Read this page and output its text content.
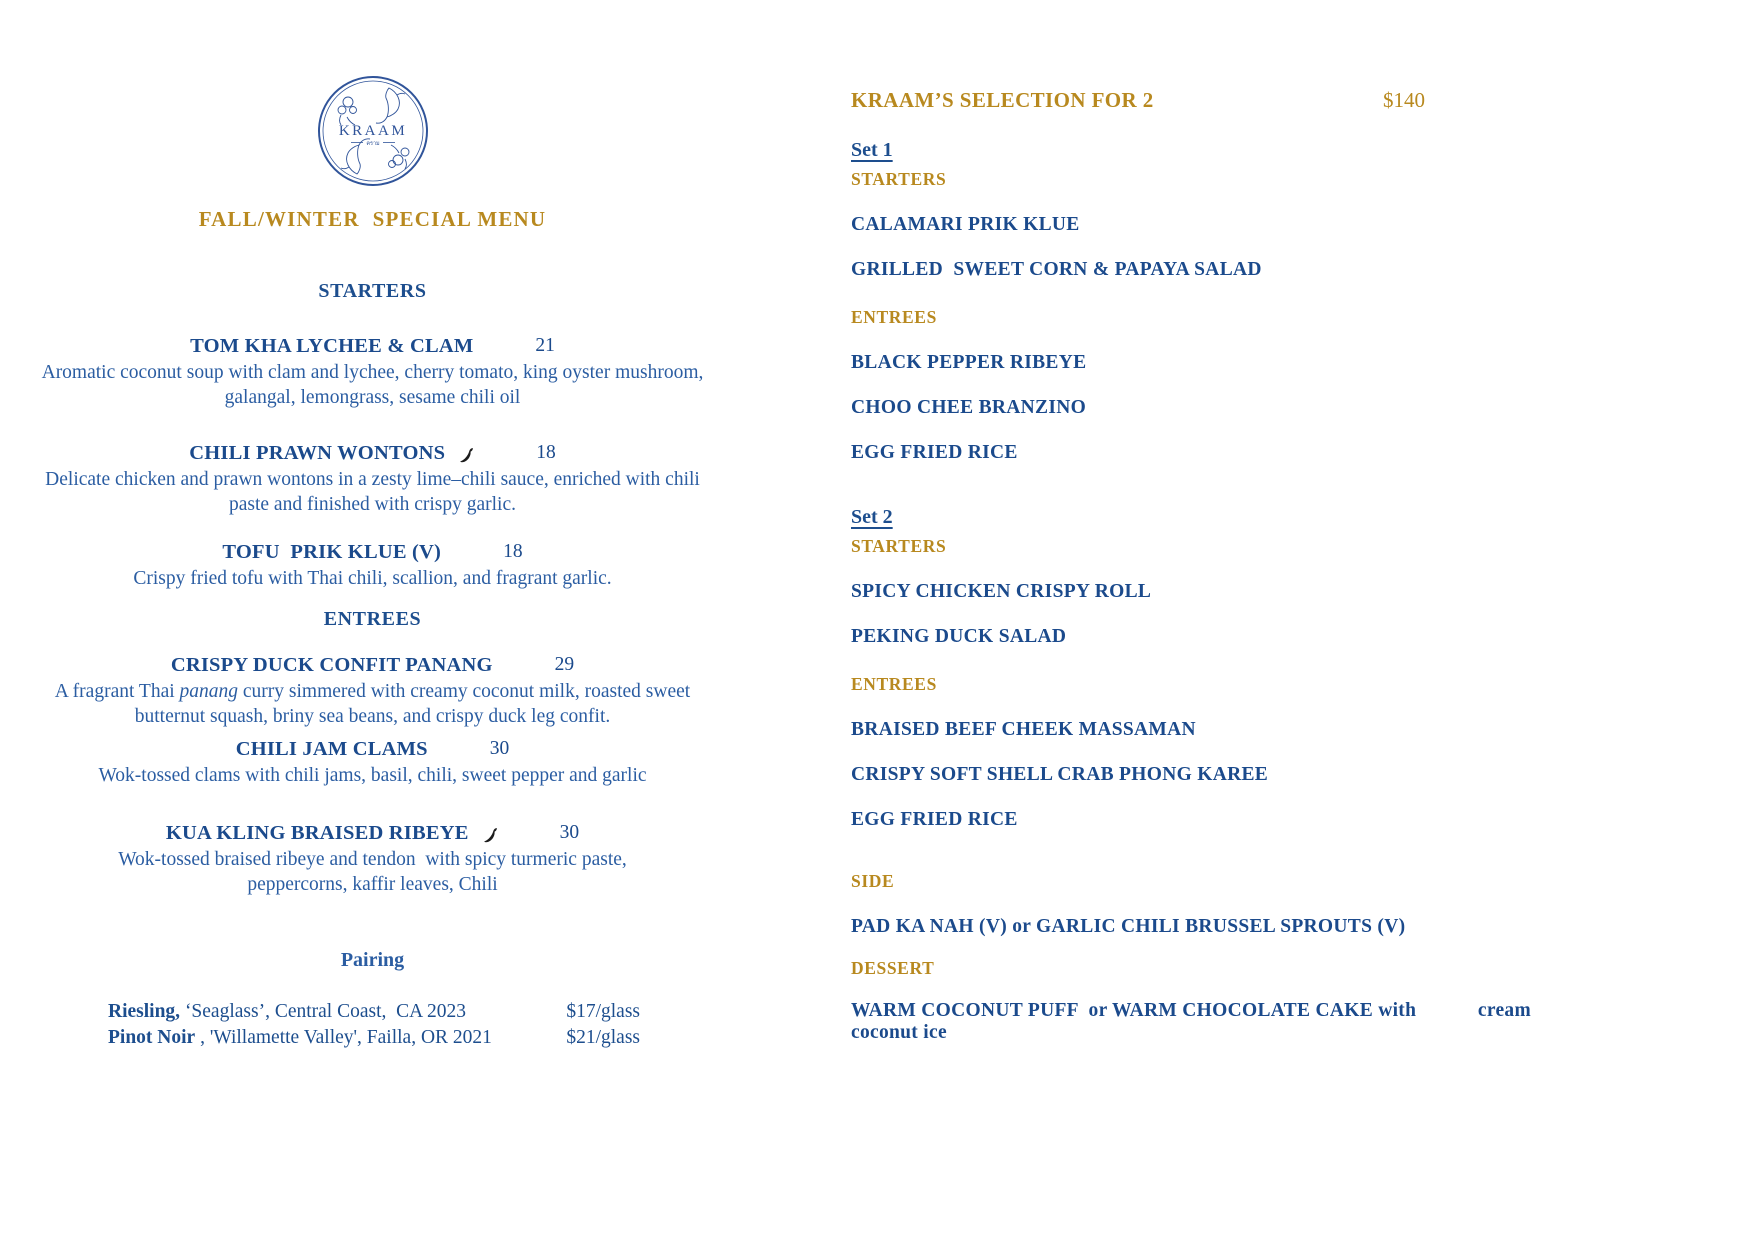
KRAAM
คราม
FALL/WINTER  SPECIAL MENU
STARTERS
TOM KHA LYCHEE & CLAM	21
Aromatic coconut soup with clam and lychee, cherry tomato, king oyster mushroom, galangal, lemongrass, sesame chili oil
CHILI PRAWN WONTONS	18
Delicate chicken and prawn wontons in a zesty lime–chili sauce, enriched with chili paste and finished with crispy garlic.
TOFU  PRIK KLUE (V)	18
Crispy fried tofu with Thai chili, scallion, and fragrant garlic.
ENTREES
CRISPY DUCK CONFIT PANANG	29
A fragrant Thai panang curry simmered with creamy coconut milk, roasted sweet butternut squash, briny sea beans, and crispy duck leg confit.
CHILI JAM CLAMS	30
Wok-tossed clams with chili jams, basil, chili, sweet pepper and garlic
KUA KLING BRAISED RIBEYE	30
Wok-tossed braised ribeye and tendon  with spicy turmeric paste, peppercorns, kaffir leaves, Chili
Pairing
Riesling, ‘Seaglass’, Central Coast,  CA 2023	$17/glass
Pinot Noir , 'Willamette Valley', Failla, OR 2021	$21/glass
KRAAM’S SELECTION FOR 2	$140
Set 1
STARTERS
CALAMARI PRIK KLUE
GRILLED  SWEET CORN & PAPAYA SALAD
ENTREES
BLACK PEPPER RIBEYE
CHOO CHEE BRANZINO
EGG FRIED RICE
Set 2
STARTERS
SPICY CHICKEN CRISPY ROLL
PEKING DUCK SALAD
ENTREES
BRAISED BEEF CHEEK MASSAMAN
CRISPY SOFT SHELL CRAB PHONG KAREE
EGG FRIED RICE
SIDE
PAD KA NAH (V) or GARLIC CHILI BRUSSEL SPROUTS (V)
DESSERT
WARM COCONUT PUFF  or WARM CHOCOLATE CAKE with coconut ice
cream
